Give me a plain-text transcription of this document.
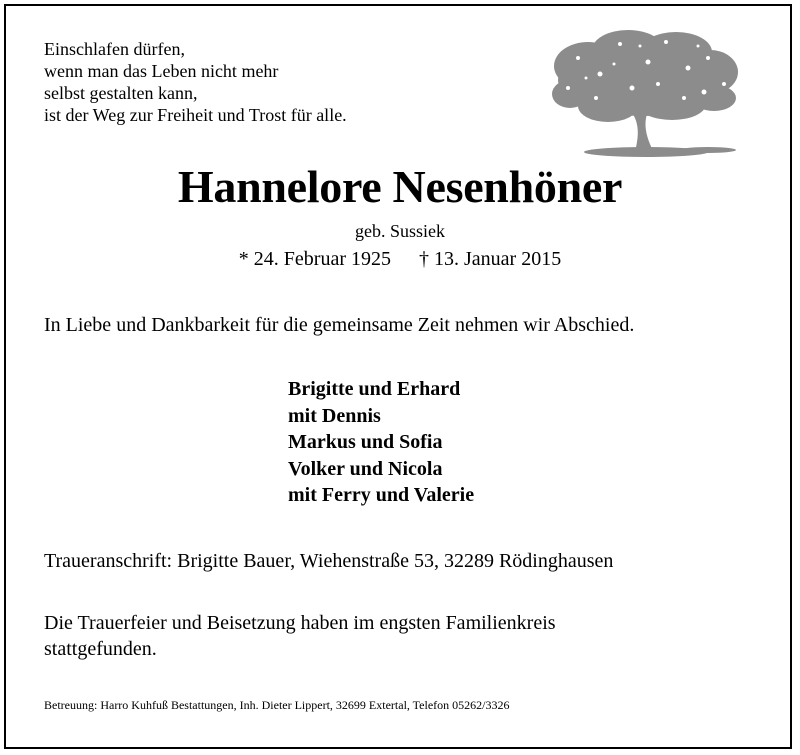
Einschlafen dürfen,
wenn man das Leben nicht mehr
selbst gestalten kann,
ist der Weg zur Freiheit und Trost für alle.
Hannelore Nesenhöner
geb. Sussiek
* 24. Februar 1925 † 13. Januar 2015
In Liebe und Dankbarkeit für die gemeinsame Zeit nehmen wir Abschied.
Brigitte und Erhard
mit Dennis
Markus und Sofia
Volker und Nicola
mit Ferry und Valerie
Traueranschrift: Brigitte Bauer, Wiehenstraße 53, 32289 Rödinghausen
Die Trauerfeier und Beisetzung haben im engsten Familienkreis
stattgefunden.
Betreuung: Harro Kuhfuß Bestattungen, Inh. Dieter Lippert, 32699 Extertal, Telefon 05262/3326
